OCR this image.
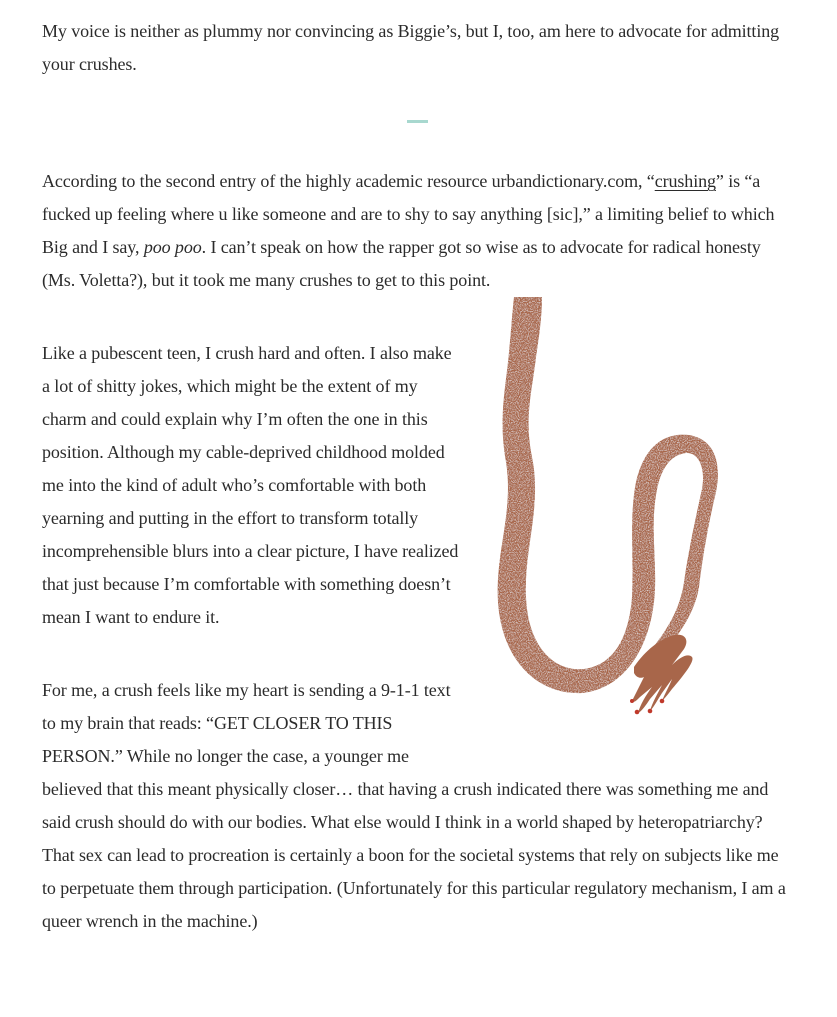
My voice is neither as plummy nor convincing as Biggie’s, but I, too, am here to advocate for admitting your crushes.

According to the second entry of the highly academic resource urbandictionary.com, “crushing” is “a fucked up feeling where u like someone and are to shy to say anything [sic],” a limiting belief to which Big and I say, poo poo. I can’t speak on how the rapper got so wise as to advocate for radical honesty (Ms. Voletta?), but it took me many crushes to get to this point.

Like a pubescent teen, I crush hard and often. I also make a lot of shitty jokes, which might be the extent of my charm and could explain why I’m often the one in this position. Although my cable-deprived childhood molded me into the kind of adult who’s comfortable with both yearning and putting in the effort to transform totally incomprehensible blurs into a clear picture, I have realized that just because I’m comfortable with something doesn’t mean I want to endure it.

For me, a crush feels like my heart is sending a 9-1-1 text to my brain that reads: “GET CLOSER TO THIS PERSON.” While no longer the case, a younger me believed that this meant physically closer… that having a crush indicated there was something me and said crush should do with our bodies. What else would I think in a world shaped by heteropatriarchy? That sex can lead to procreation is certainly a boon for the societal systems that rely on subjects like me to perpetuate them through participation. (Unfortunately for this particular regulatory mechanism, I am a queer wrench in the machine.)
